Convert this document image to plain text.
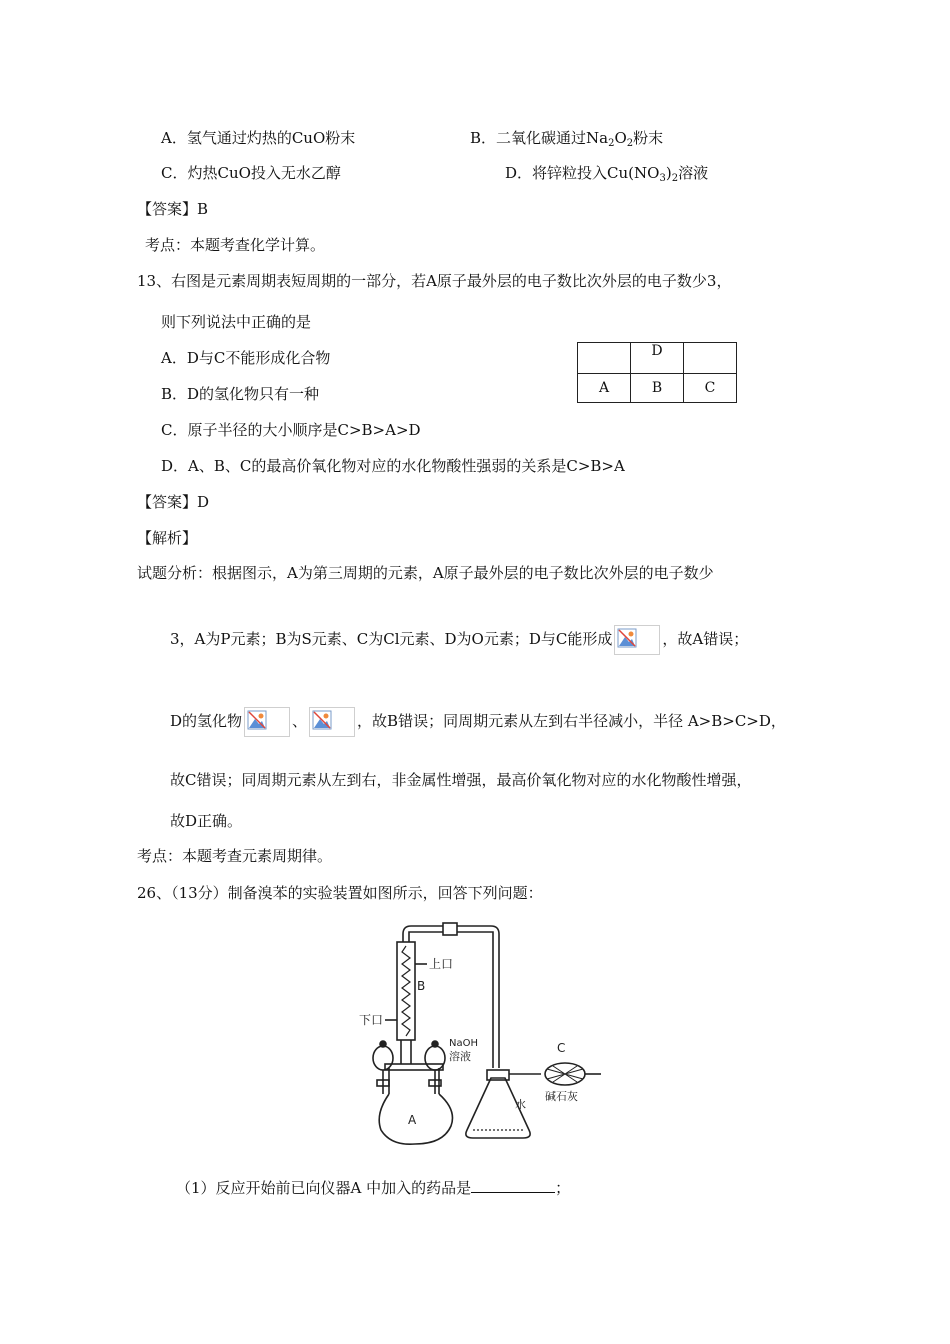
A．氢气通过灼热的CuO粉末	B．二氧化碳通过$Na_2O_2$粉末
C．灼热CuO投入无水乙醇	D．将锌粒投入$Cu(NO_3)_2$溶液
【答案】B
考点：本题考查化学计算。
13、右图是元素周期表短周期的一部分，若A原子最外层的电子数比次外层的电子数少3，
则下列说法中正确的是
A．D与C不能形成化合物
B．D的氢化物只有一种
C．原子半径的大小顺序是C>B>A>D
D．A、B、C的最高价氧化物对应的水化物酸性强弱的关系是C>B>A
	D	
A	B	C
【答案】D
【解析】
试题分析：根据图示，A为第三周期的元素，A原子最外层的电子数比次外层的电子数少
3，A为P元素；B为S元素、C为Cl元素、D为O元素；D与C能形成	，故A错误；
D的氢化物	、	，故B错误；同周期元素从左到右半径减小，半径 A>B>C>D，
故C错误；同周期元素从左到右，非金属性增强，最高价氧化物对应的水化物酸性增强，
故D正确。
考点：本题考查元素周期律。
26、（13分）制备溴苯的实验装置如图所示，回答下列问题：
上口
B
下口
NaOH
溶液
A
C
碱石灰
水
（1）反应开始前已向仪器A 中加入的药品是	；
